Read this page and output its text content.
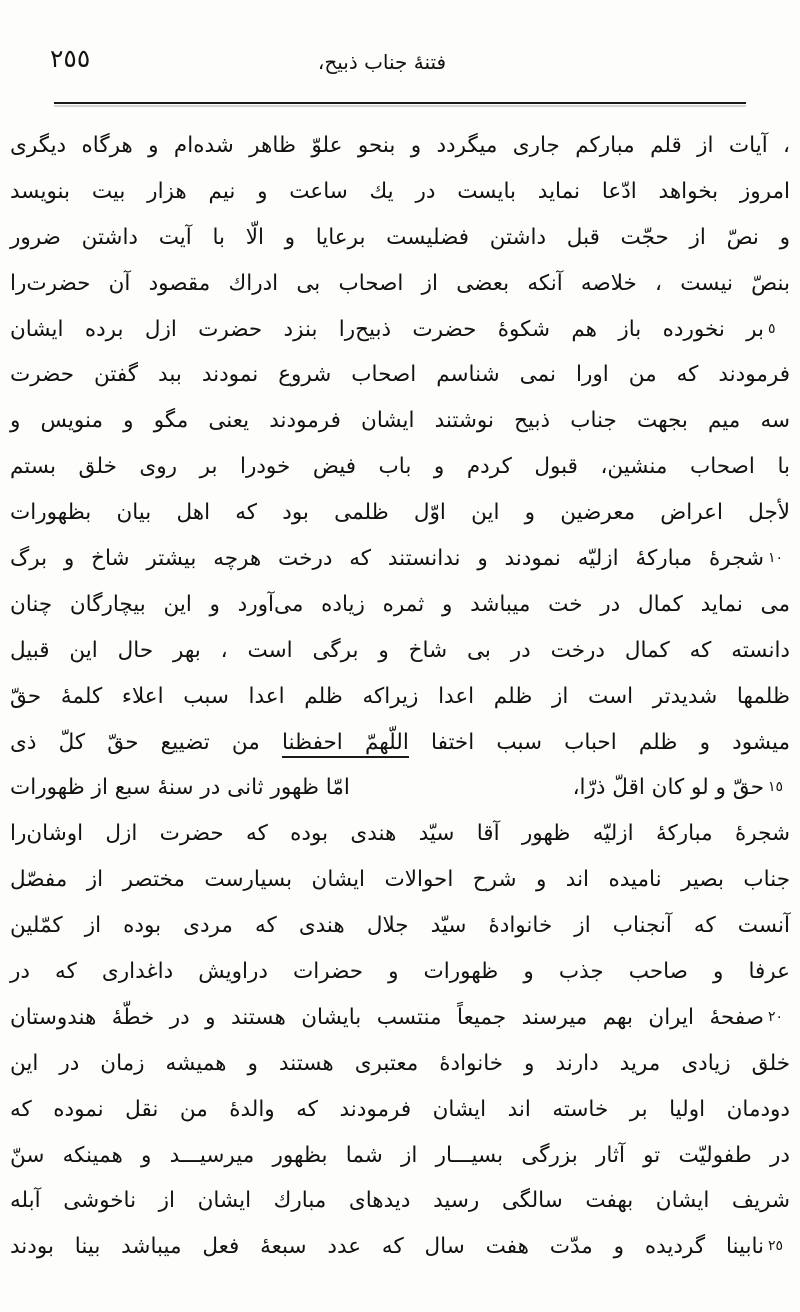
٢٥٥	فتنهٔ جناب ذبیح،
، آیات از قلم مباركم جاری میگردد و بنحو علوّ ظاهر شده‌ام و هرگاه دیگری
امروز بخواهد ادّعا نماید بایست در یك ساعت و نیم هزار بیت بنویسد
و نصّ از حجّت قبل داشتن فضلیست برعایا و الّا با آیت داشتن ضرور
بنصّ نیست ، خلاصه آنكه بعضی از اصحاب بی ادراك مقصود آن حضرت‌را
٥
بر نخورده باز هم شكوهٔ حضرت ذبیح‌را بنزد حضرت ازل برده ایشان
فرمودند كه من اورا نمی شناسم اصحاب شروع نمودند ببد گفتن حضرت
سه میم بجهت جناب ذبیح نوشتند ایشان فرمودند یعنی مگو و منویس و
با اصحاب منشین، قبول كردم و باب فیض خودرا بر روی خلق بستم
لأجل اعراض معرضین و این اوّل ظلمی بود كه اهل بیان بظهورات
١٠
شجرهٔ مباركهٔ ازلیّه نمودند و ندانستند كه درخت هرچه بیشتر شاخ و برگ
می نماید كمال در خت میباشد و ثمره زیاده می‌آورد و این بیچارگان چنان
دانسته كه كمال درخت در بی شاخ و برگی است ، بهر حال این قبیل
ظلمها شدیدتر است از ظلم اعدا زیراكه ظلم اعدا سبب اعلاء كلمهٔ حقّ
میشود و ظلم احباب سبب اختفا اللّهمّ احفظنا من تضییع حقّ كلّ ذی
١٥
حقّ و لو كان اقلّ ذرّا،
امّا ظهور ثانی در سنهٔ سبع از ظهورات
شجرهٔ مباركهٔ ازلیّه ظهور آقا سیّد هندی بوده كه حضرت ازل اوشان‌را
جناب بصیر نامیده اند و شرح احوالات ایشان بسیارست مختصر از مفصّل
آنست كه آنجناب از خانوادهٔ سیّد جلال هندی كه مردی بوده از كمّلین
عرفا و صاحب جذب و ظهورات و حضرات دراویش داغداری كه در
٢٠
صفحهٔ ایران بهم میرسند جمیعاً منتسب بایشان هستند و در خطّهٔ هندوستان
خلق زیادی مرید دارند و خانوادهٔ معتبری هستند و همیشه زمان در این
دودمان اولیا بر خاسته اند ایشان فرمودند كه والدهٔ من نقل نموده كه
در طفولیّت تو آثار بزرگی بسیـــار از شما بظهور میرسیـــد و همینكه سنّ
شریف ایشان بهفت سالگی رسید دیدهای مبارك ایشان از ناخوشی آبله
٢٥
نابینا گردیده و مدّت هفت سال كه عدد سبعهٔ فعل میباشد بینا بودند
